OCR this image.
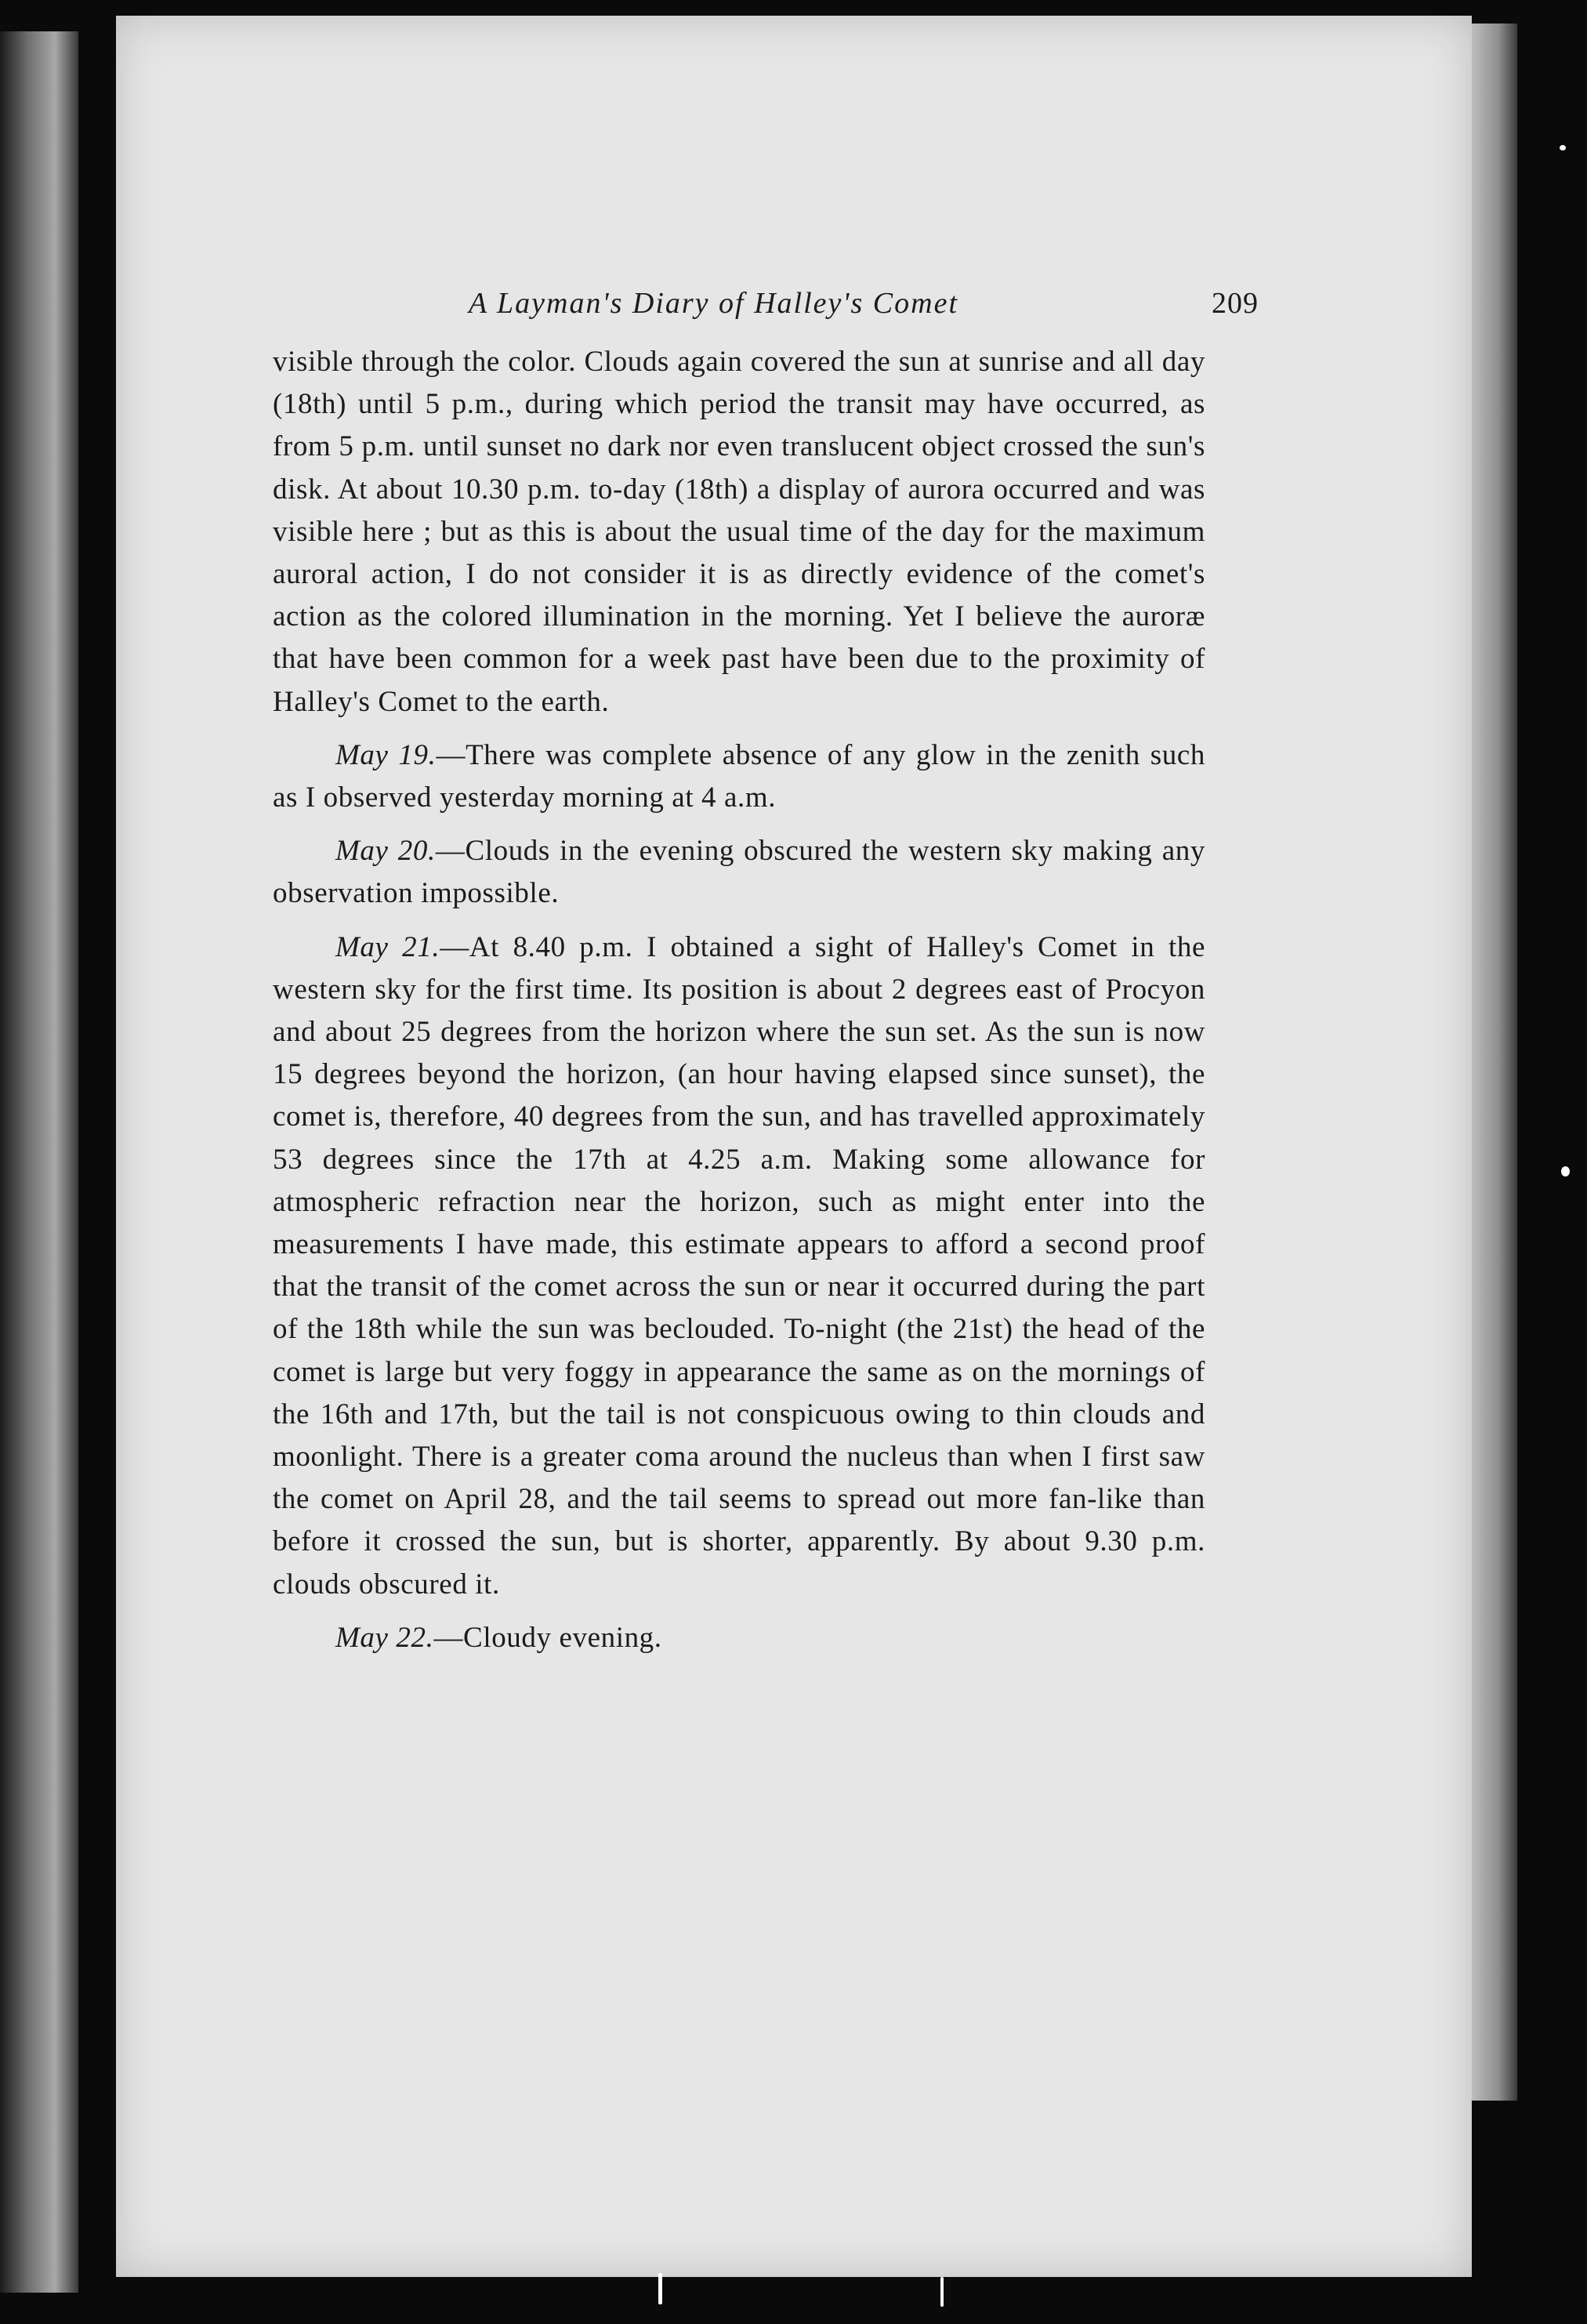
A Layman's Diary of Halley's Comet	209

visible through the color. Clouds again covered the sun at sunrise and all day (18th) until 5 p.m., during which period the transit may have occurred, as from 5 p.m. until sunset no dark nor even translucent object crossed the sun's disk. At about 10.30 p.m. to-day (18th) a display of aurora occurred and was visible here ; but as this is about the usual time of the day for the maximum auroral action, I do not consider it is as directly evidence of the comet's action as the colored illumination in the morning. Yet I believe the auroræ that have been common for a week past have been due to the proximity of Halley's Comet to the earth.

May 19.—There was complete absence of any glow in the zenith such as I observed yesterday morning at 4 a.m.

May 20.—Clouds in the evening obscured the western sky making any observation impossible.

May 21.—At 8.40 p.m. I obtained a sight of Halley's Comet in the western sky for the first time. Its position is about 2 degrees east of Procyon and about 25 degrees from the horizon where the sun set. As the sun is now 15 degrees beyond the horizon, (an hour having elapsed since sunset), the comet is, therefore, 40 degrees from the sun, and has travelled approximately 53 degrees since the 17th at 4.25 a.m. Making some allowance for atmospheric refraction near the horizon, such as might enter into the measurements I have made, this estimate appears to afford a second proof that the transit of the comet across the sun or near it occurred during the part of the 18th while the sun was beclouded. To-night (the 21st) the head of the comet is large but very foggy in appearance the same as on the mornings of the 16th and 17th, but the tail is not conspicuous owing to thin clouds and moonlight. There is a greater coma around the nucleus than when I first saw the comet on April 28, and the tail seems to spread out more fan-like than before it crossed the sun, but is shorter, apparently. By about 9.30 p.m. clouds obscured it.

May 22.—Cloudy evening.
